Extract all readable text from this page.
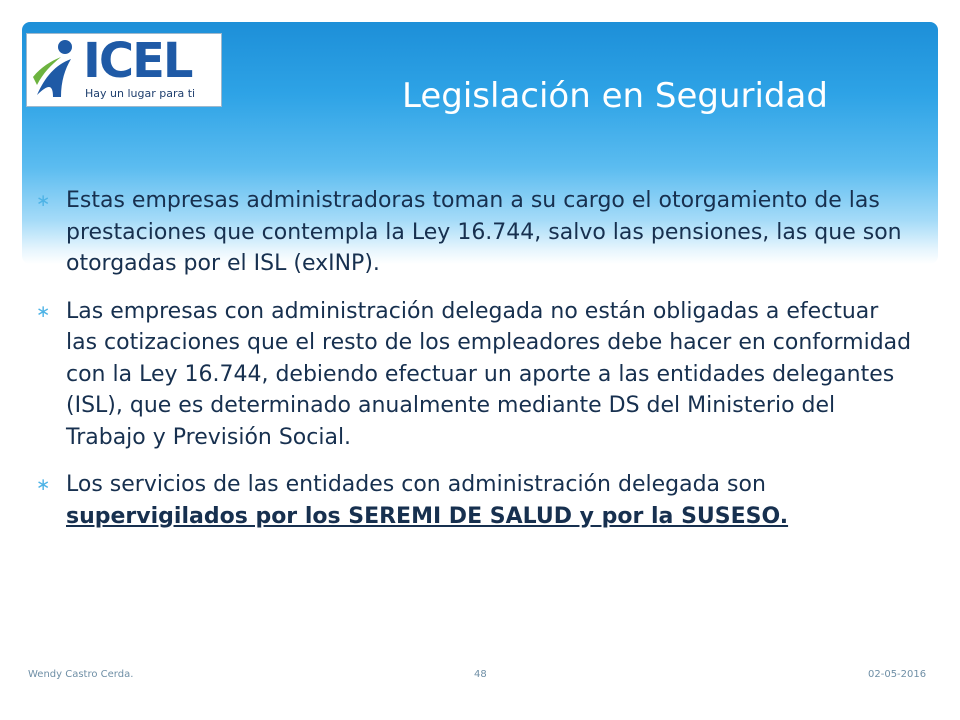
ICEL
Hay un lugar para ti	Legislación en Seguridad
∗ Estas empresas administradoras toman a su cargo el otorgamiento de las prestaciones que contempla la Ley 16.744, salvo las pensiones, las que son otorgadas por el ISL (exINP).
∗ Las empresas con administración delegada no están obligadas a efectuar las cotizaciones que el resto de los empleadores debe hacer en conformidad con la Ley 16.744, debiendo efectuar un aporte a las entidades delegantes (ISL), que es determinado anualmente mediante DS del Ministerio del Trabajo y Previsión Social.
∗ Los servicios de las entidades con administración delegada son supervigilados por los SEREMI DE SALUD y por la SUSESO.
Wendy Castro Cerda.	48	02-05-2016
